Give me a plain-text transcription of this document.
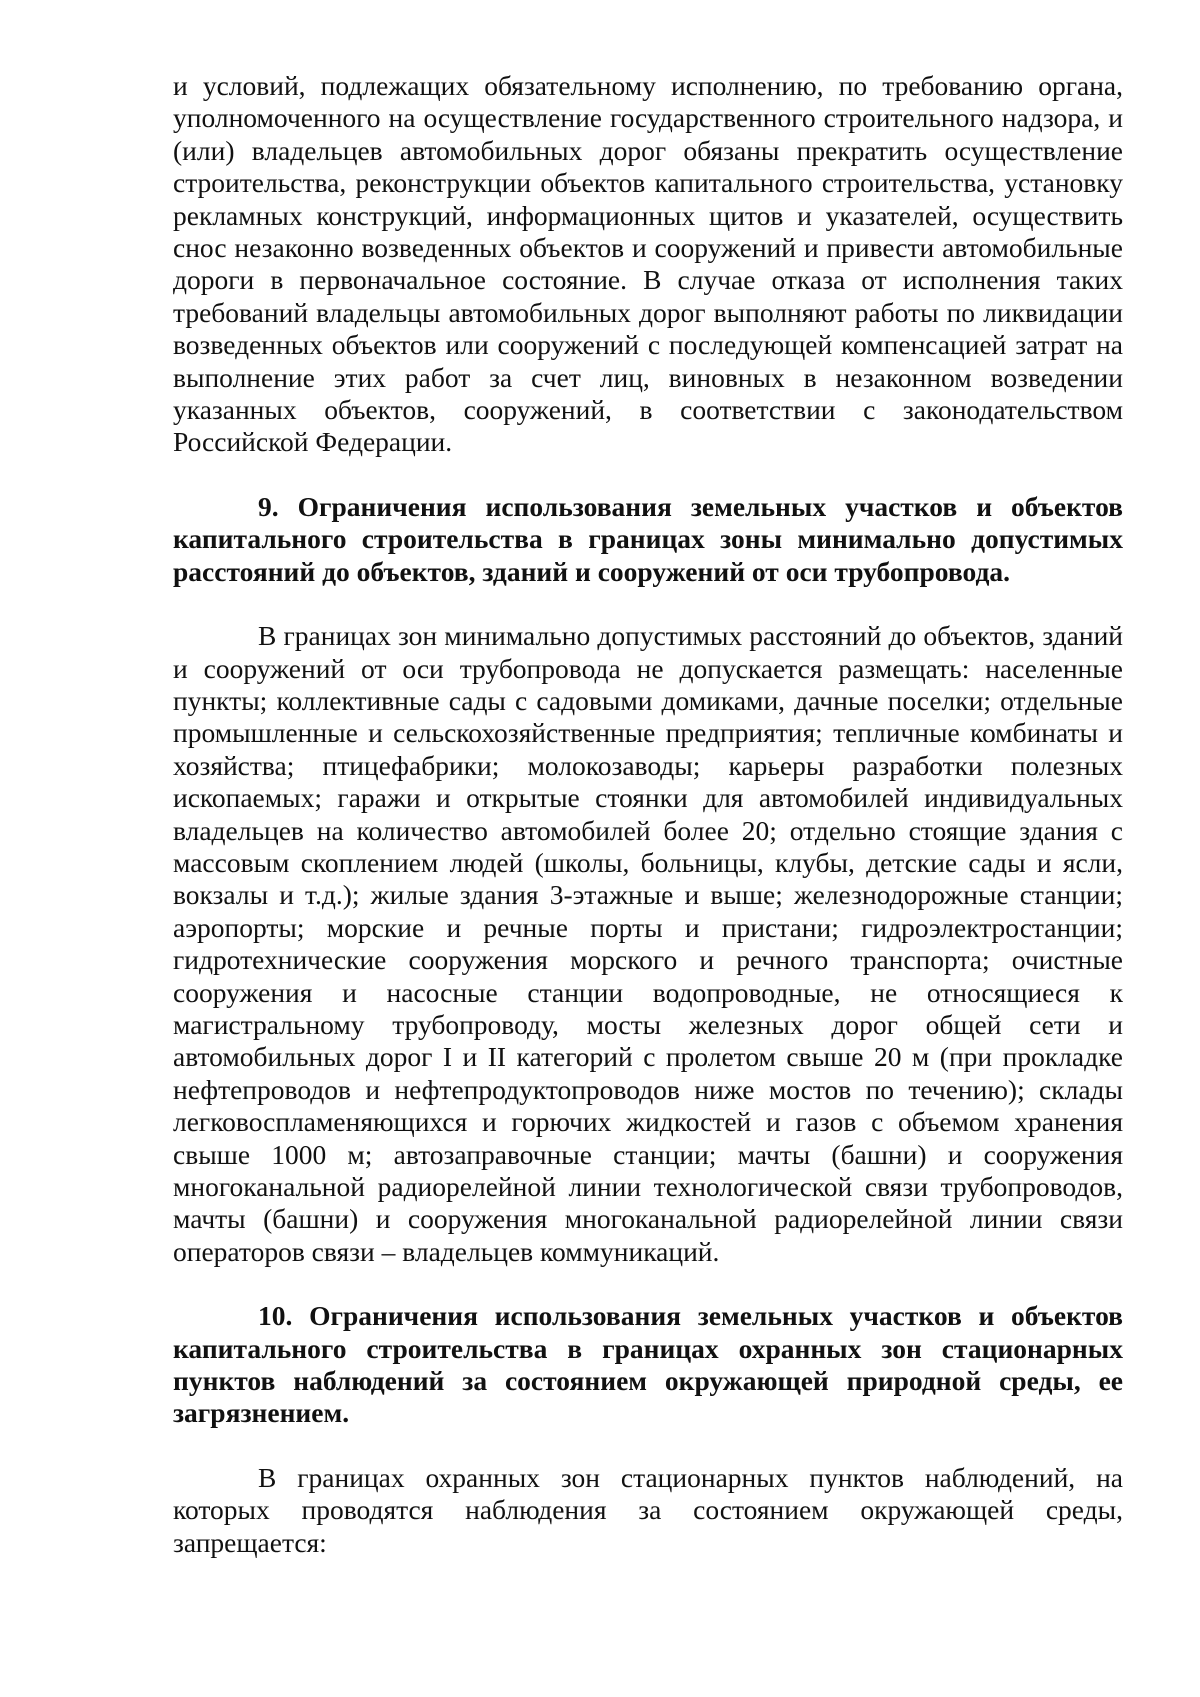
и условий, подлежащих обязательному исполнению, по требованию органа, уполномоченного на осуществление государственного строительного надзора, и (или) владельцев автомобильных дорог обязаны прекратить осуществление строительства, реконструкции объектов капитального строительства, установку рекламных конструкций, информационных щитов и указателей, осуществить снос незаконно возведенных объектов и сооружений и привести автомобильные дороги в первоначальное состояние. В случае отказа от исполнения таких требований владельцы автомобильных дорог выполняют работы по ликвидации возведенных объектов или сооружений с последующей компенсацией затрат на выполнение этих работ за счет лиц, виновных в незаконном возведении указанных объектов, сооружений, в соответствии с законодательством Российской Федерации.

9. Ограничения использования земельных участков и объектов капитального строительства в границах зоны минимально допустимых расстояний до объектов, зданий и сооружений от оси трубопровода.

В границах зон минимально допустимых расстояний до объектов, зданий и сооружений от оси трубопровода не допускается размещать: населенные пункты; коллективные сады с садовыми домиками, дачные поселки; отдельные промышленные и сельскохозяйственные предприятия; тепличные комбинаты и хозяйства; птицефабрики; молокозаводы; карьеры разработки полезных ископаемых; гаражи и открытые стоянки для автомобилей индивидуальных владельцев на количество автомобилей более 20; отдельно стоящие здания с массовым скоплением людей (школы, больницы, клубы, детские сады и ясли, вокзалы и т.д.); жилые здания 3-этажные и выше; железнодорожные станции; аэропорты; морские и речные порты и пристани; гидроэлектростанции; гидротехнические сооружения морского и речного транспорта; очистные сооружения и насосные станции водопроводные, не относящиеся к магистральному трубопроводу, мосты железных дорог общей сети и автомобильных дорог I и II категорий с пролетом свыше 20 м (при прокладке нефтепроводов и нефтепродуктопроводов ниже мостов по течению); склады легковоспламеняющихся и горючих жидкостей и газов с объемом хранения свыше 1000 м; автозаправочные станции; мачты (башни) и сооружения многоканальной радиорелейной линии технологической связи трубопроводов, мачты (башни) и сооружения многоканальной радиорелейной линии связи операторов связи – владельцев коммуникаций.

10. Ограничения использования земельных участков и объектов капитального строительства в границах охранных зон стационарных пунктов наблюдений за состоянием окружающей природной среды, ее загрязнением.

В границах охранных зон стационарных пунктов наблюдений, на которых проводятся наблюдения за состоянием окружающей среды, запрещается:
